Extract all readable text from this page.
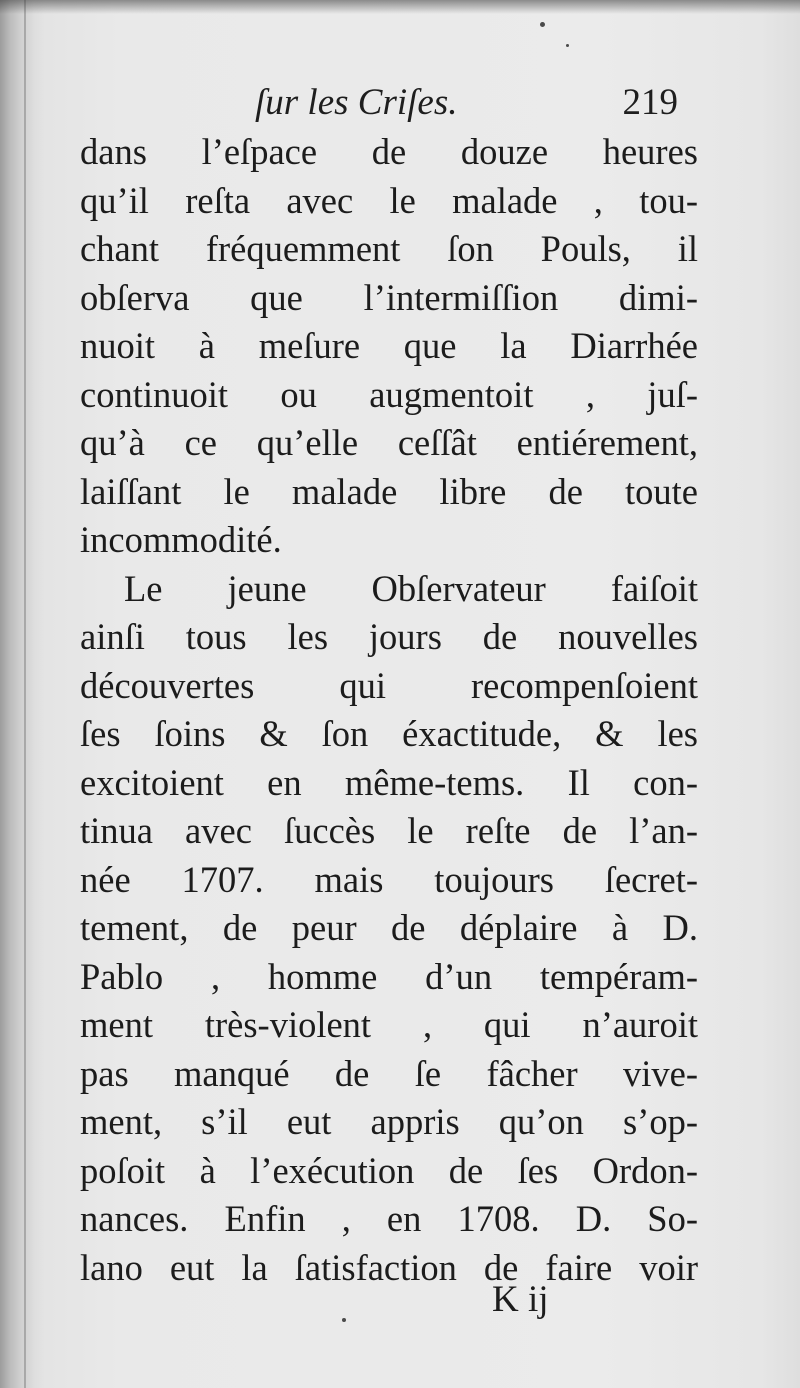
ſur les Criſes.	219
dans l’eſpace de douze heures
qu’il reſta avec le malade , tou-
chant fréquemment ſon Pouls, il
obſerva que l’intermiſſion dimi-
nuoit à meſure que la Diarrhée
continuoit ou augmentoit , juſ-
qu’à ce qu’elle ceſſât entiérement,
laiſſant le malade libre de toute
incommodité.
Le jeune Obſervateur faiſoit
ainſi tous les jours de nouvelles
découvertes qui recompenſoient
ſes ſoins & ſon éxactitude, & les
excitoient en même-tems. Il con-
tinua avec ſuccès le reſte de l’an-
née 1707. mais toujours ſecret-
tement, de peur de déplaire à D.
Pablo , homme d’un tempéram-
ment très-violent , qui n’auroit
pas manqué de ſe fâcher vive-
ment, s’il eut appris qu’on s’op-
poſoit à l’exécution de ſes Ordon-
nances. Enfin , en 1708. D. So-
lano eut la ſatisfaction de faire voir
K ij
